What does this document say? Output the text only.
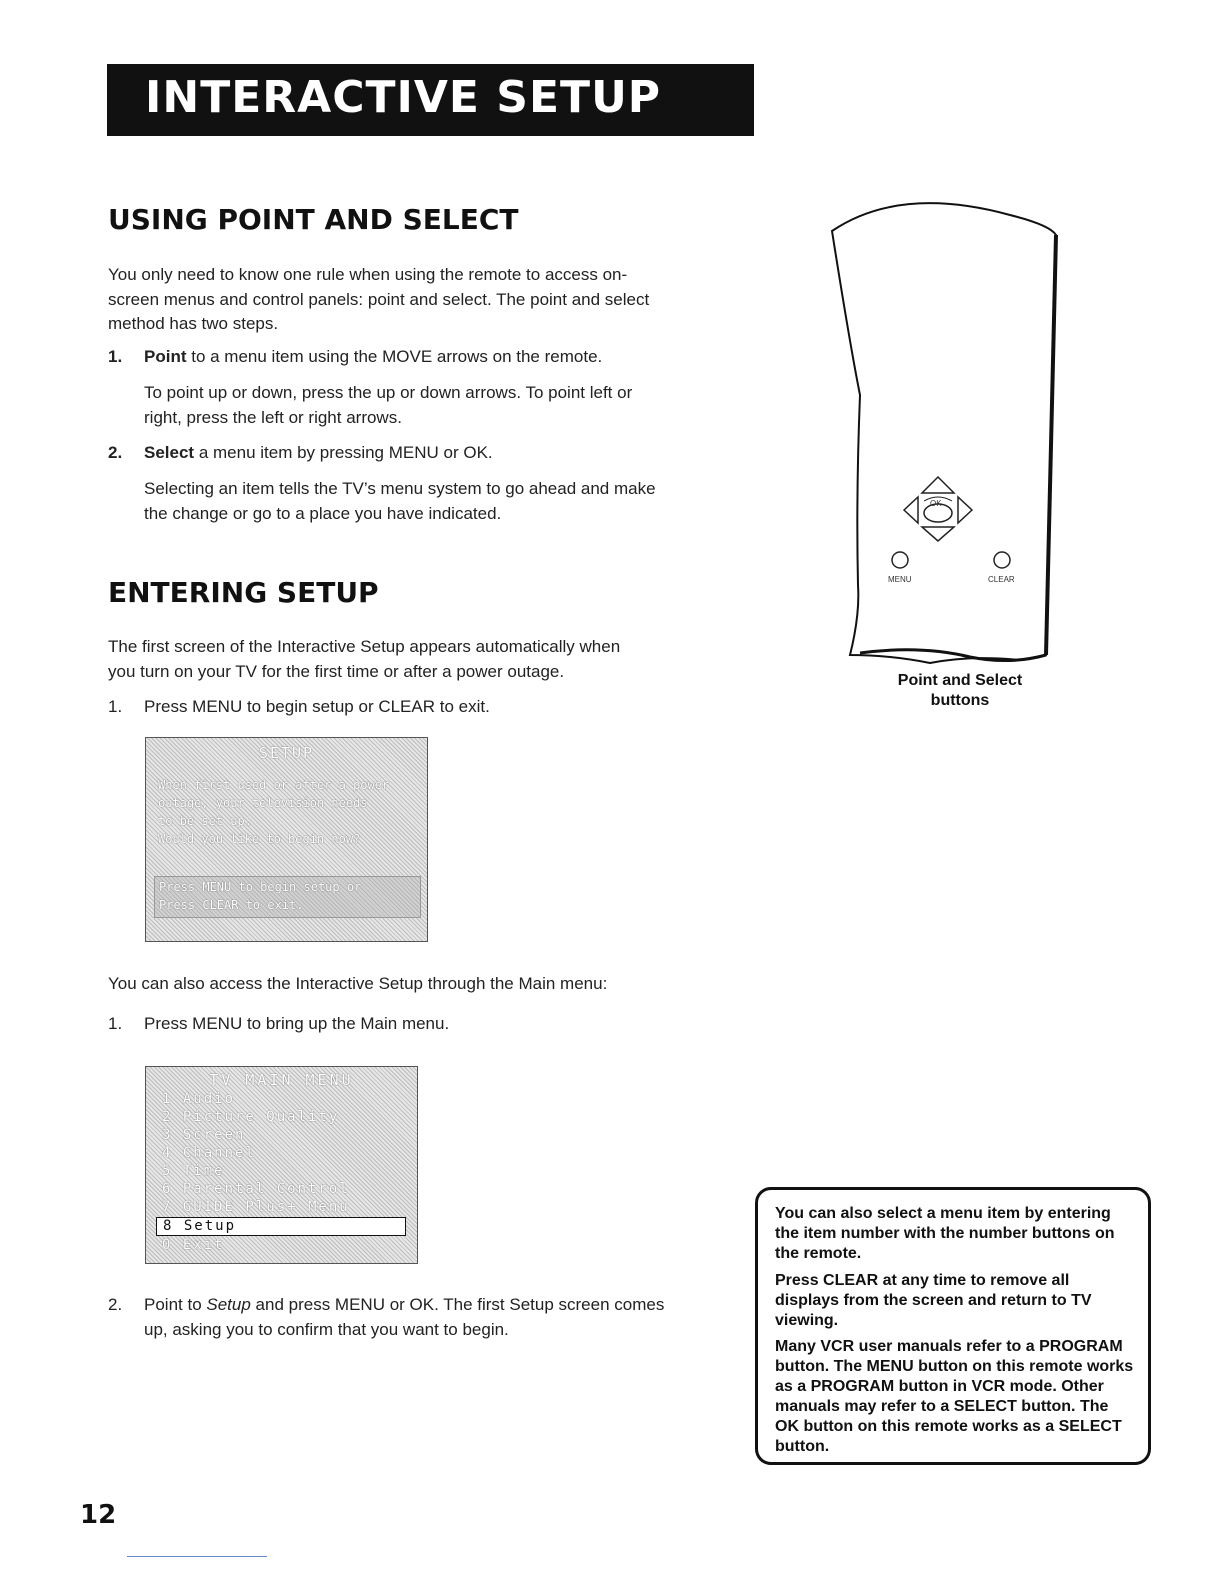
INTERACTIVE SETUP
USING POINT AND SELECT

You only need to know one rule when using the remote to access on-
screen menus and control panels: point and select. The point and select
method has two steps.

1. Point to a menu item using the MOVE arrows on the remote.

To point up or down, press the up or down arrows. To point left or
right, press the left or right arrows.

2. Select a menu item by pressing MENU or OK.

Selecting an item tells the TV’s menu system to go ahead and make
the change or go to a place you have indicated.

ENTERING SETUP

The first screen of the Interactive Setup appears automatically when
you turn on your TV for the first time or after a power outage.

1. Press MENU to begin setup or CLEAR to exit.
SETUP
When first used or after a power
outage, your television needs
to be set up.
Would you like to begin now?
Press MENU to begin setup or
Press CLEAR to exit.

You can also access the Interactive Setup through the Main menu:

1. Press MENU to bring up the Main menu.
TV MAIN MENU
1 Audio
2 Picture Quality
3 Screen
4 Channel
5 Time
6 Parental Control
7 GUIDE Plus+ Menu
8 Setup
0 Exit
2. Point to Setup and press MENU or OK. The first Setup screen comes
up, asking you to confirm that you want to begin.
OK
MENU	CLEAR
Point and Select
buttons

You can also select a menu item by entering the item number with the number buttons on the remote.

Press CLEAR at any time to remove all displays from the screen and return to TV viewing.

Many VCR user manuals refer to a PROGRAM button. The MENU button on this remote works as a PROGRAM button in VCR mode. Other manuals may refer to a SELECT button. The OK button on this remote works as a SELECT button.

12
